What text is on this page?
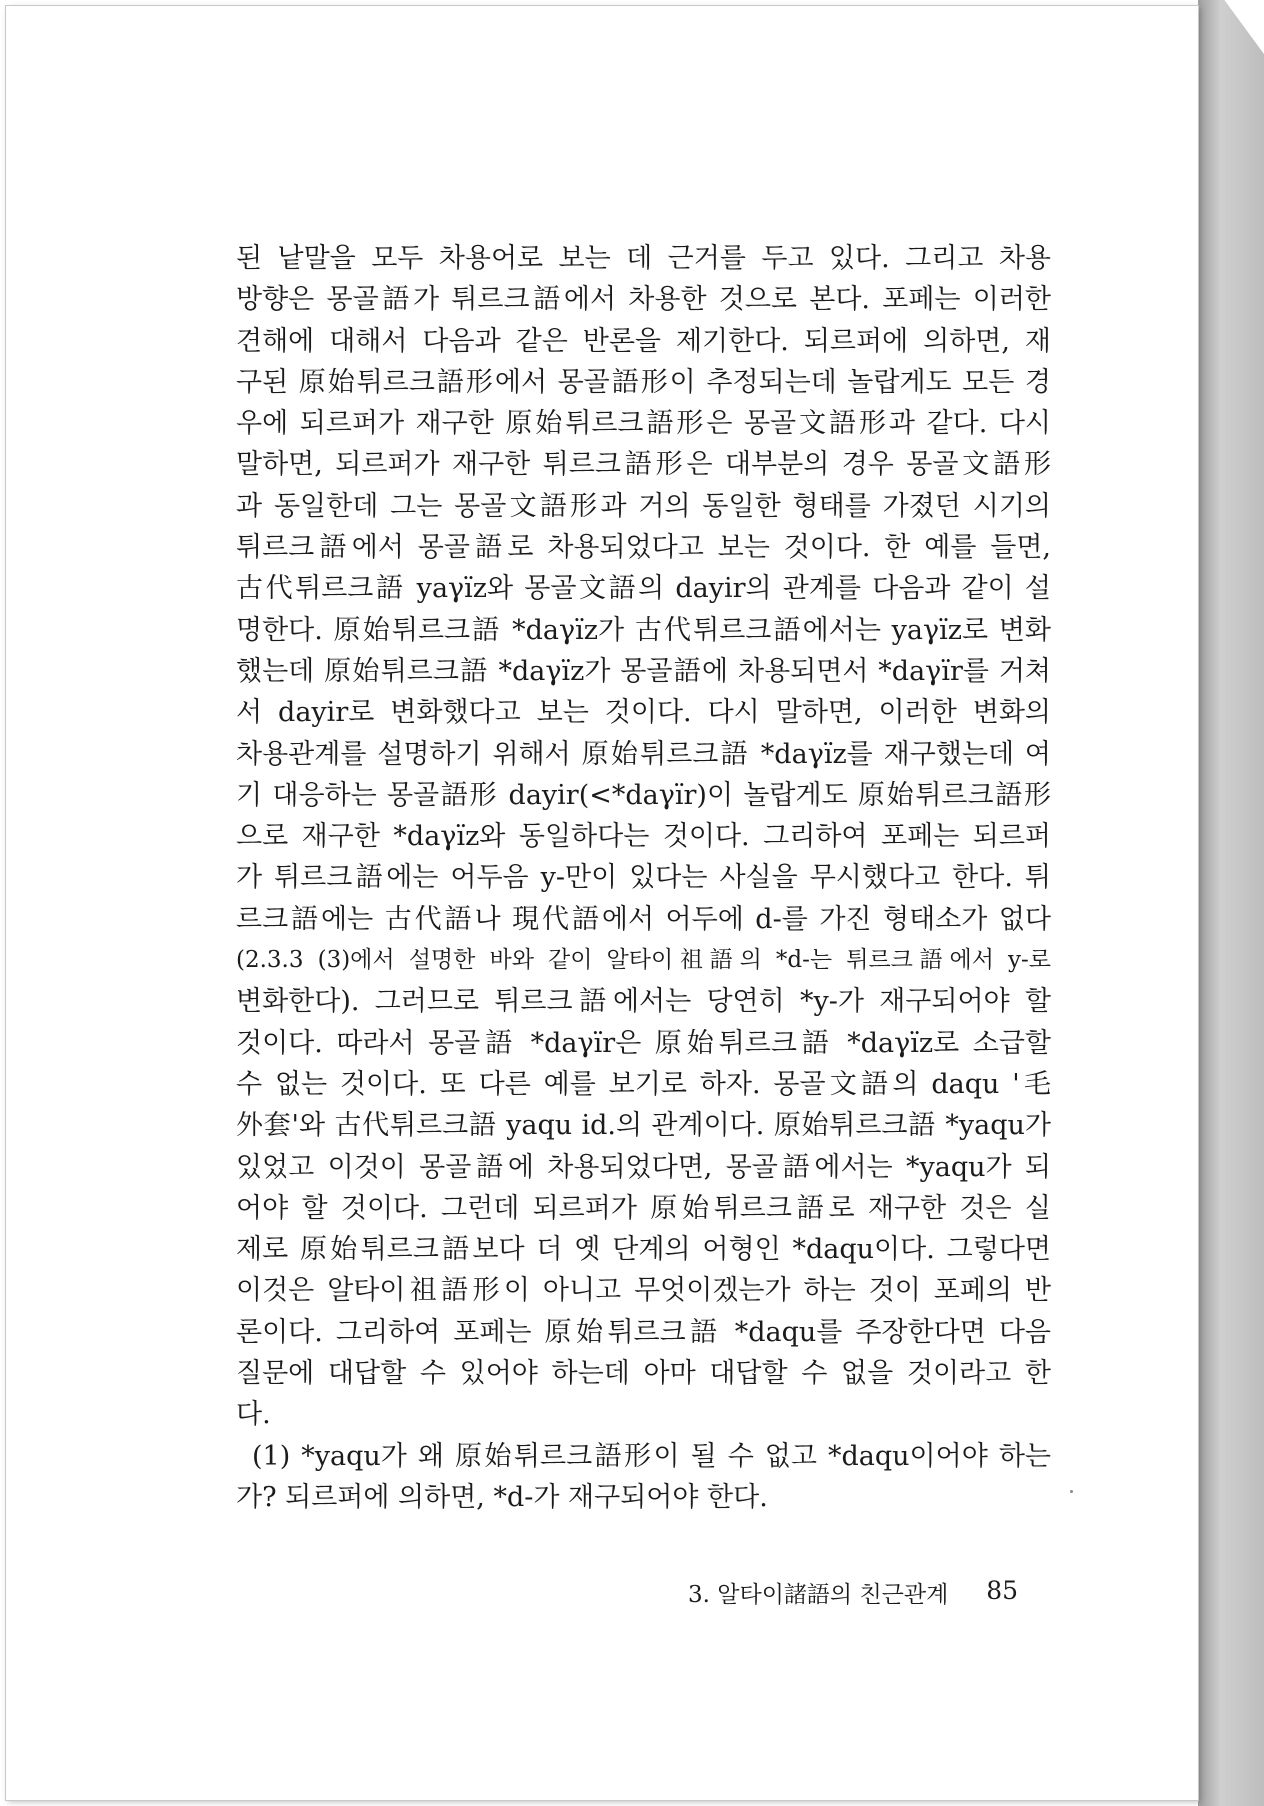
된 낱말을 모두 차용어로 보는 데 근거를 두고 있다. 그리고 차용
방향은 몽골語가 튀르크語에서 차용한 것으로 본다. 포페는 이러한
견해에 대해서 다음과 같은 반론을 제기한다. 되르퍼에 의하면, 재
구된 原始튀르크語形에서 몽골語形이 추정되는데 놀랍게도 모든 경
우에 되르퍼가 재구한 原始튀르크語形은 몽골文語形과 같다. 다시
말하면, 되르퍼가 재구한 튀르크語形은 대부분의 경우 몽골文語形
과 동일한데 그는 몽골文語形과 거의 동일한 형태를 가졌던 시기의
튀르크語에서 몽골語로 차용되었다고 보는 것이다. 한 예를 들면,
古代튀르크語 yaγïz와 몽골文語의 dayir의 관계를 다음과 같이 설
명한다. 原始튀르크語 *daγïz가 古代튀르크語에서는 yaγïz로 변화
했는데 原始튀르크語 *daγïz가 몽골語에 차용되면서 *daγïr를 거쳐
서 dayir로 변화했다고 보는 것이다. 다시 말하면, 이러한 변화의
차용관계를 설명하기 위해서 原始튀르크語 *daγïz를 재구했는데 여
기 대응하는 몽골語形 dayir(<*daγïr)이 놀랍게도 原始튀르크語形
으로 재구한 *daγïz와 동일하다는 것이다. 그리하여 포페는 되르퍼
가 튀르크語에는 어두음 y-만이 있다는 사실을 무시했다고 한다. 튀
르크語에는 古代語나 現代語에서 어두에 d-를 가진 형태소가 없다
(2.3.3 (3)에서 설명한 바와 같이 알타이祖語의 *d-는 튀르크語에서 y-로
변화한다). 그러므로 튀르크語에서는 당연히 *y-가 재구되어야 할
것이다. 따라서 몽골語 *daγïr은 原始튀르크語 *daγïz로 소급할
수 없는 것이다. 또 다른 예를 보기로 하자. 몽골文語의 daqu '毛
外套'와 古代튀르크語 yaqu id.의 관계이다. 原始튀르크語 *yaqu가
있었고 이것이 몽골語에 차용되었다면, 몽골語에서는 *yaqu가 되
어야 할 것이다. 그런데 되르퍼가 原始튀르크語로 재구한 것은 실
제로 原始튀르크語보다 더 옛 단계의 어형인 *daqu이다. 그렇다면
이것은 알타이祖語形이 아니고 무엇이겠는가 하는 것이 포페의 반
론이다. 그리하여 포페는 原始튀르크語 *daqu를 주장한다면 다음
질문에 대답할 수 있어야 하는데 아마 대답할 수 없을 것이라고 한
다.
(1) *yaqu가 왜 原始튀르크語形이 될 수 없고 *daqu이어야 하는
가? 되르퍼에 의하면, *d-가 재구되어야 한다.
3. 알타이諸語의 친근관계 85
